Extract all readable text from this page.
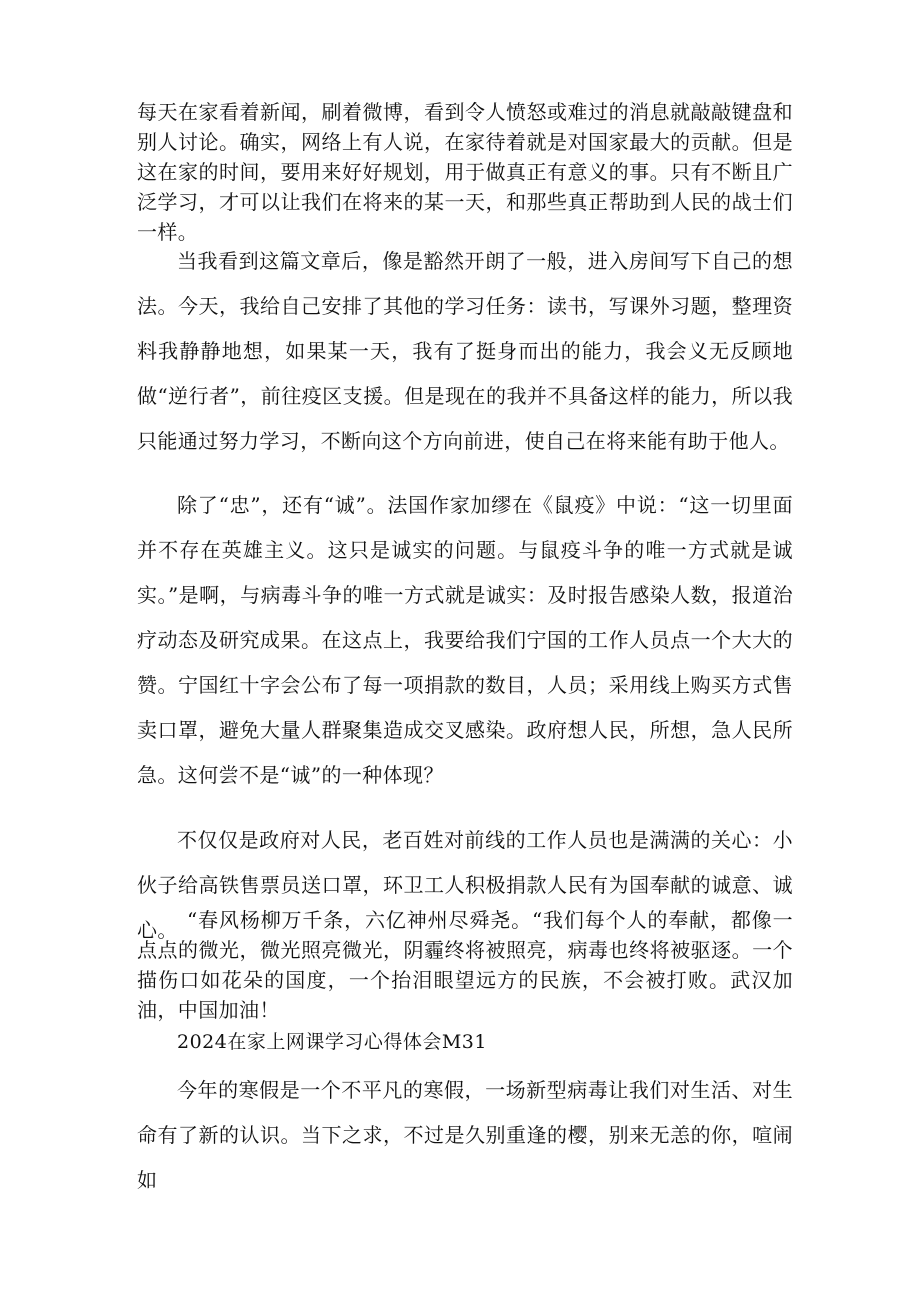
每天在家看着新闻，刷着微博，看到令人愤怒或难过的消息就敲敲键盘和别人讨论。确实，网络上有人说，在家待着就是对国家最大的贡献。但是这在家的时间，要用来好好规划，用于做真正有意义的事。只有不断且广泛学习，才可以让我们在将来的某一天，和那些真正帮助到人民的战士们一样。

当我看到这篇文章后，像是豁然开朗了一般，进入房间写下自己的想法。今天，我给自己安排了其他的学习任务：读书，写课外习题，整理资料我静静地想，如果某一天，我有了挺身而出的能力，我会义无反顾地做“逆行者”，前往疫区支援。但是现在的我并不具备这样的能力，所以我只能通过努力学习，不断向这个方向前进，使自己在将来能有助于他人。

除了“忠”，还有“诚”。法国作家加缪在《鼠疫》中说：“这一切里面并不存在英雄主义。这只是诚实的问题。与鼠疫斗争的唯一方式就是诚实。”是啊，与病毒斗争的唯一方式就是诚实：及时报告感染人数，报道治疗动态及研究成果。在这点上，我要给我们宁国的工作人员点一个大大的赞。宁国红十字会公布了每一项捐款的数目，人员；采用线上购买方式售卖口罩，避免大量人群聚集造成交叉感染。政府想人民，所想，急人民所急。这何尝不是“诚”的一种体现？

不仅仅是政府对人民，老百姓对前线的工作人员也是满满的关心：小伙子给高铁售票员送口罩，环卫工人积极捐款人民有为国奉献的诚意、诚心。 “春风杨柳万千条，六亿神州尽舜尧。“我们每个人的奉献，都像一点点的微光，微光照亮微光，阴霾终将被照亮，病毒也终将被驱逐。一个描伤口如花朵的国度，一个抬泪眼望远方的民族，不会被打败。武汉加油，中国加油！

2024在家上网课学习心得体会M31

今年的寒假是一个不平凡的寒假，一场新型病毒让我们对生活、对生命有了新的认识。当下之求，不过是久别重逢的樱，别来无恙的你，喧闹如
